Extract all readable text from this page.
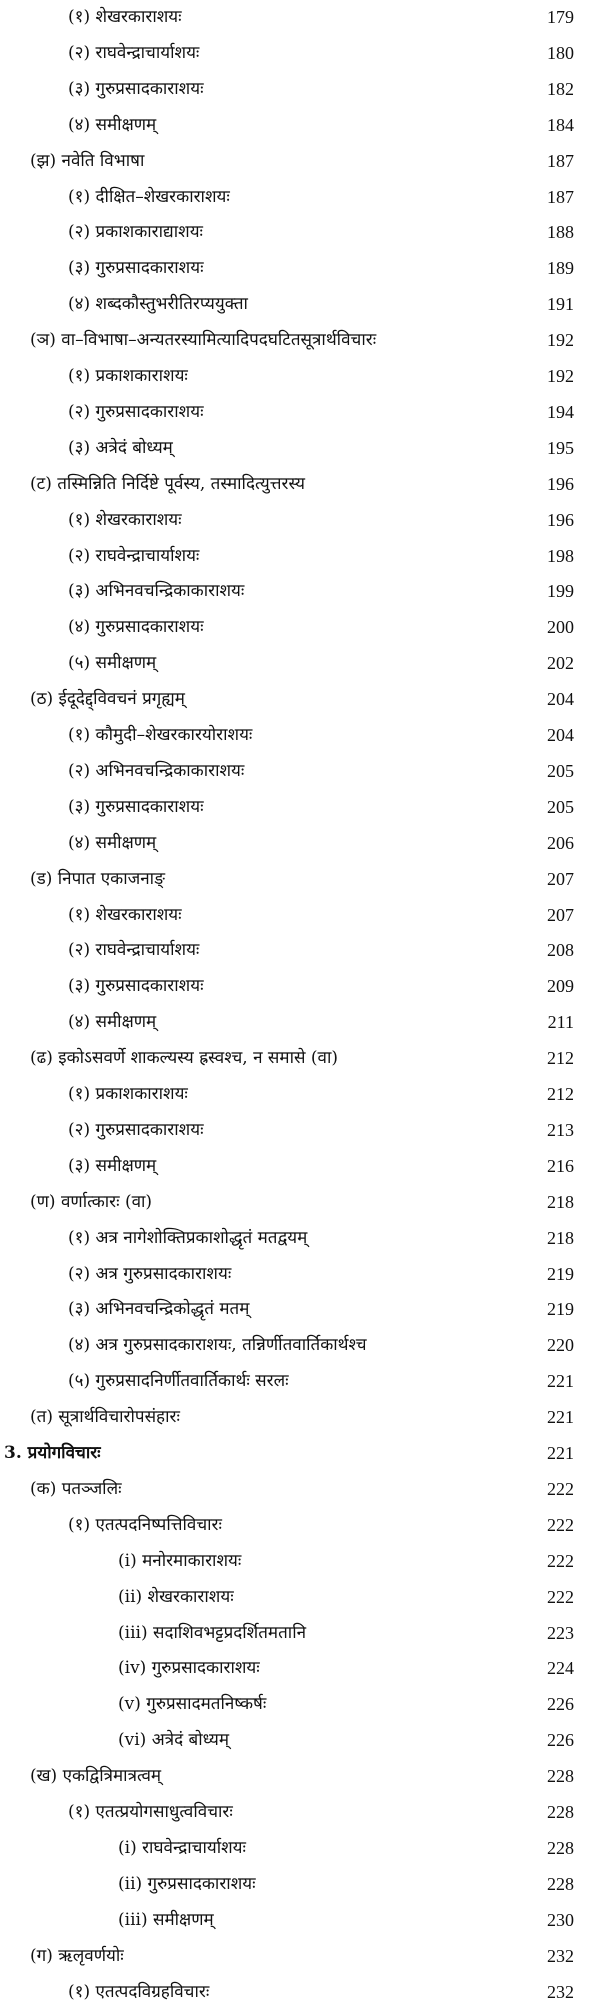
(१) शेखरकाराशयः	179
(२) राघवेन्द्राचार्याशयः	180
(३) गुरुप्रसादकाराशयः	182
(४) समीक्षणम्	184
(झ) नवेति विभाषा	187
(१) दीक्षित–शेखरकाराशयः	187
(२) प्रकाशकाराद्याशयः	188
(३) गुरुप्रसादकाराशयः	189
(४) शब्दकौस्तुभरीतिरप्ययुक्ता	191
(ञ) वा–विभाषा–अन्यतरस्यामित्यादिपदघटितसूत्रार्थविचारः	192
(१) प्रकाशकाराशयः	192
(२) गुरुप्रसादकाराशयः	194
(३) अत्रेदं बोध्यम्	195
(ट) तस्मिन्निति निर्दिष्टे पूर्वस्य, तस्मादित्युत्तरस्य	196
(१) शेखरकाराशयः	196
(२) राघवेन्द्राचार्याशयः	198
(३) अभिनवचन्द्रिकाकाराशयः	199
(४) गुरुप्रसादकाराशयः	200
(५) समीक्षणम्	202
(ठ) ईदूदेद्द्विवचनं प्रगृह्यम्	204
(१) कौमुदी–शेखरकारयोराशयः	204
(२) अभिनवचन्द्रिकाकाराशयः	205
(३) गुरुप्रसादकाराशयः	205
(४) समीक्षणम्	206
(ड) निपात एकाजनाङ्	207
(१) शेखरकाराशयः	207
(२) राघवेन्द्राचार्याशयः	208
(३) गुरुप्रसादकाराशयः	209
(४) समीक्षणम्	211
(ढ) इकोऽसवर्णे शाकल्यस्य ह्रस्वश्च, न समासे (वा)	212
(१) प्रकाशकाराशयः	212
(२) गुरुप्रसादकाराशयः	213
(३) समीक्षणम्	216
(ण) वर्णात्कारः (वा)	218
(१) अत्र नागेशोक्तिप्रकाशोद्धृतं मतद्वयम्	218
(२) अत्र गुरुप्रसादकाराशयः	219
(३) अभिनवचन्द्रिकोद्धृतं मतम्	219
(४) अत्र गुरुप्रसादकाराशयः, तन्निर्णीतवार्तिकार्थश्च	220
(५) गुरुप्रसादनिर्णीतवार्तिकार्थः सरलः	221
(त) सूत्रार्थविचारोपसंहारः	221
3. प्रयोगविचारः	221
(क) पतञ्जलिः	222
(१) एतत्पदनिष्पत्तिविचारः	222
(i) मनोरमाकाराशयः	222
(ii) शेखरकाराशयः	222
(iii) सदाशिवभट्टप्रदर्शितमतानि	223
(iv) गुरुप्रसादकाराशयः	224
(v) गुरुप्रसादमतनिष्कर्षः	226
(vi) अत्रेदं बोध्यम्	226
(ख) एकद्वित्रिमात्रत्वम्	228
(१) एतत्प्रयोगसाधुत्वविचारः	228
(i) राघवेन्द्राचार्याशयः	228
(ii) गुरुप्रसादकाराशयः	228
(iii) समीक्षणम्	230
(ग) ऋलृवर्णयोः	232
(१) एतत्पदविग्रहविचारः	232
